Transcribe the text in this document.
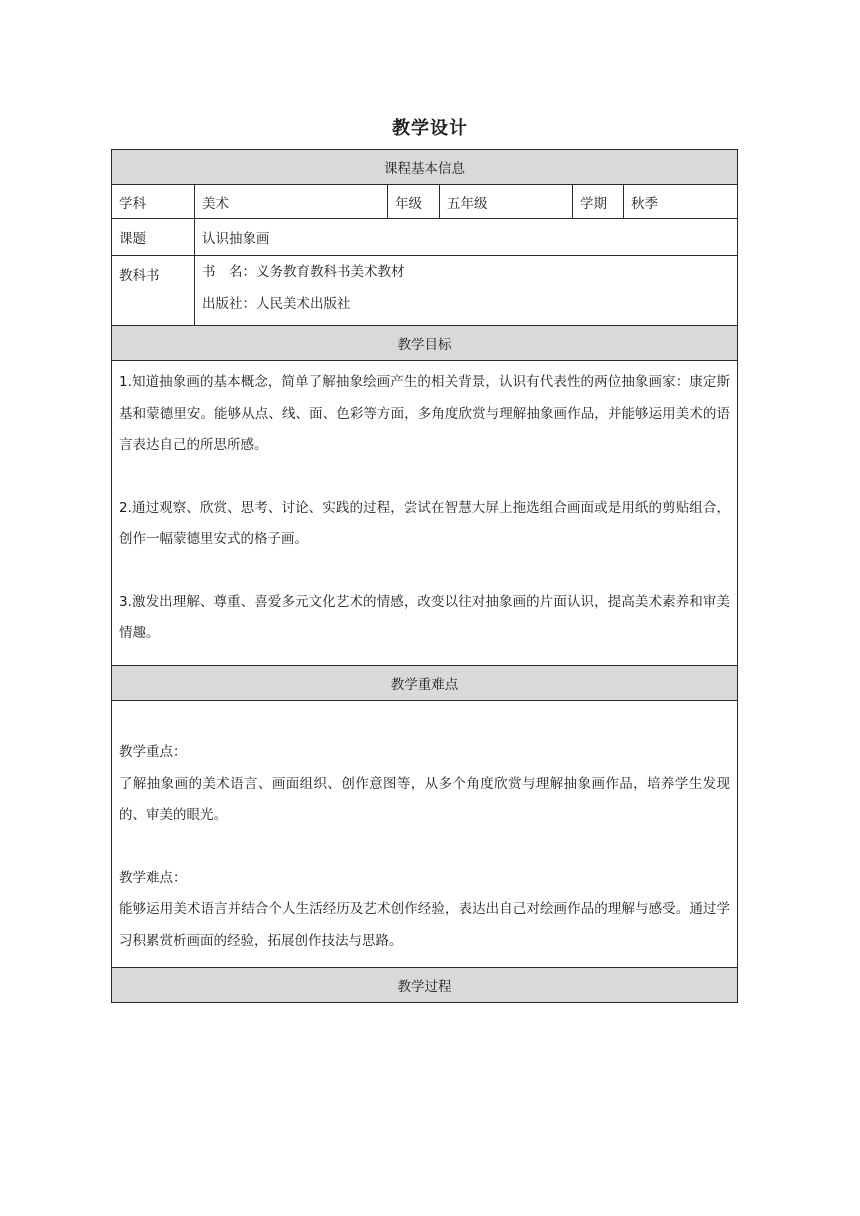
教学设计
课程基本信息					
学科	美术	年级	五年级	学期	秋季
课题	认识抽象画				
教科书	书　名：义务教育教科书美术教材
出版社：人民美术出版社				

教学目标					

1.知道抽象画的基本概念，简单了解抽象绘画产生的相关背景，认识有代表性的两位抽象画家：康定斯基和蒙德里安。能够从点、线、面、色彩等方面，多角度欣赏与理解抽象画作品，并能够运用美术的语言表达自己的所思所感。

2.通过观察、欣赏、思考、讨论、实践的过程，尝试在智慧大屏上拖选组合画面或是用纸的剪贴组合，创作一幅蒙德里安式的格子画。

3.激发出理解、尊重、喜爱多元文化艺术的情感，改变以往对抽象画的片面认识，提高美术素养和审美情趣。					

教学重难点					

教学重点：

了解抽象画的美术语言、画面组织、创作意图等，从多个角度欣赏与理解抽象画作品，培养学生发现的、审美的眼光。

教学难点：

能够运用美术语言并结合个人生活经历及艺术创作经验，表达出自己对绘画作品的理解与感受。通过学习积累赏析画面的经验，拓展创作技法与思路。					

教学过程					
